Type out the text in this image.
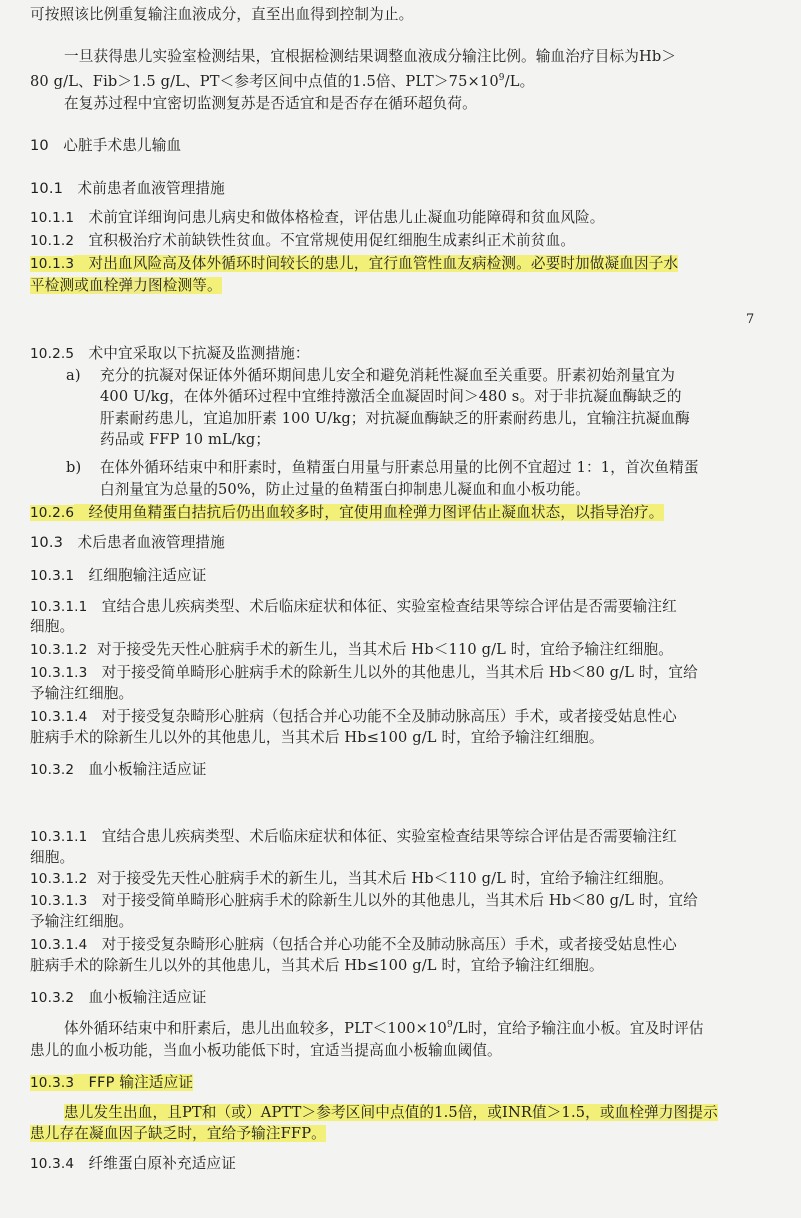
可按照该比例重复输注血液成分，直至出血得到控制为止。
一旦获得患儿实验室检测结果，宜根据检测结果调整血液成分输注比例。输血治疗目标为Hb＞
80 g/L、Fib＞1.5 g/L、PT＜参考区间中点值的1.5倍、$PLT>75\times 10^9/L$。
在复苏过程中宜密切监测复苏是否适宜和是否存在循环超负荷。
10 心脏手术患儿输血
10.1 术前患者血液管理措施
10.1.1 术前宜详细询问患儿病史和做体格检查，评估患儿止凝血功能障碍和贫血风险。
10.1.2 宜积极治疗术前缺铁性贫血。不宜常规使用促红细胞生成素纠正术前贫血。
10.1.3 对出血风险高及体外循环时间较长的患儿，宜行血管性血友病检测。必要时加做凝血因子水
平检测或血栓弹力图检测等。
7
10.2.5 术中宜采取以下抗凝及监测措施：
a)	充分的抗凝对保证体外循环期间患儿安全和避免消耗性凝血至关重要。肝素初始剂量宜为
400 U/kg，在体外循环过程中宜维持激活全血凝固时间＞480 s。对于非抗凝血酶缺乏的
肝素耐药患儿，宜追加肝素 100 U/kg；对抗凝血酶缺乏的肝素耐药患儿，宜输注抗凝血酶
药品或 FFP 10 mL/kg；
b)	在体外循环结束中和肝素时，鱼精蛋白用量与肝素总用量的比例不宜超过 1：1，首次鱼精蛋
白剂量宜为总量的50%，防止过量的鱼精蛋白抑制患儿凝血和血小板功能。
10.2.6 经使用鱼精蛋白拮抗后仍出血较多时，宜使用血栓弹力图评估止凝血状态，以指导治疗。
10.3 术后患者血液管理措施
10.3.1 红细胞输注适应证
10.3.1.1 宜结合患儿疾病类型、术后临床症状和体征、实验室检查结果等综合评估是否需要输注红
细胞。
10.3.1.2 对于接受先天性心脏病手术的新生儿，当其术后 Hb＜110 g/L 时，宜给予输注红细胞。
10.3.1.3 对于接受简单畸形心脏病手术的除新生儿以外的其他患儿，当其术后 Hb＜80 g/L 时，宜给
予输注红细胞。
10.3.1.4 对于接受复杂畸形心脏病（包括合并心功能不全及肺动脉高压）手术，或者接受姑息性心
脏病手术的除新生儿以外的其他患儿，当其术后 Hb≤100 g/L 时，宜给予输注红细胞。
10.3.2 血小板输注适应证
10.3.1.1 宜结合患儿疾病类型、术后临床症状和体征、实验室检查结果等综合评估是否需要输注红
细胞。
10.3.1.2 对于接受先天性心脏病手术的新生儿，当其术后 Hb＜110 g/L 时，宜给予输注红细胞。
10.3.1.3 对于接受简单畸形心脏病手术的除新生儿以外的其他患儿，当其术后 Hb＜80 g/L 时，宜给
予输注红细胞。
10.3.1.4 对于接受复杂畸形心脏病（包括合并心功能不全及肺动脉高压）手术，或者接受姑息性心
脏病手术的除新生儿以外的其他患儿，当其术后 Hb≤100 g/L 时，宜给予输注红细胞。
10.3.2 血小板输注适应证
体外循环结束中和肝素后，患儿出血较多，$PLT<100\times 10^9/L$时，宜给予输注血小板。宜及时评估
患儿的血小板功能，当血小板功能低下时，宜适当提高血小板输血阈值。
10.3.3 FFP 输注适应证
患儿发生出血，且PT和（或）APTT＞参考区间中点值的1.5倍，或INR值＞1.5，或血栓弹力图提示
患儿存在凝血因子缺乏时，宜给予输注FFP。
10.3.4 纤维蛋白原补充适应证
